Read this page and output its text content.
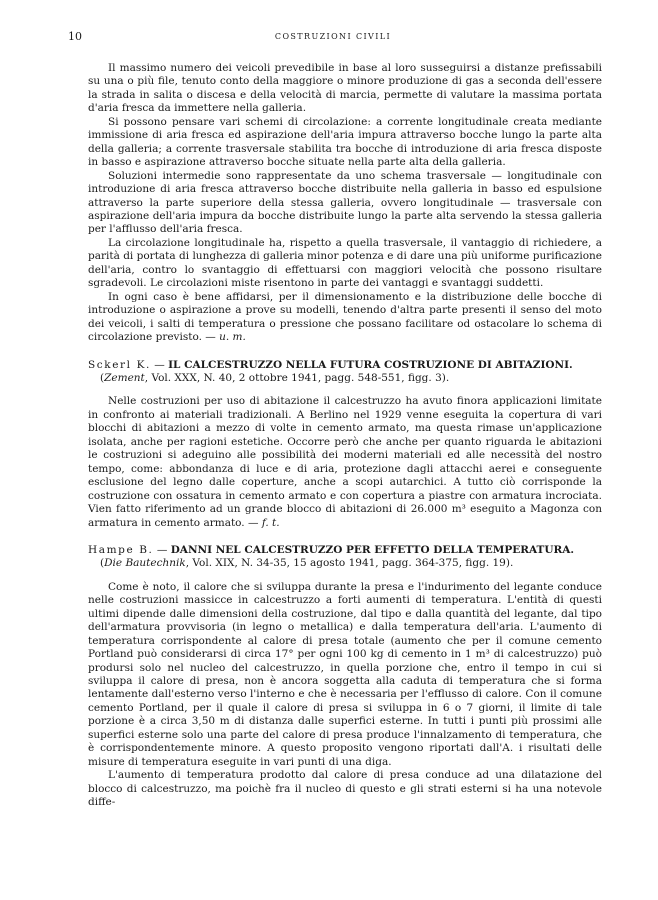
10	COSTRUZIONI CIVILI

Il massimo numero dei veicoli prevedibile in base al loro susseguirsi a distanze prefissabili su una o più file, tenuto conto della maggiore o minore produzione di gas a seconda dell'essere la strada in salita o discesa e della velocità di marcia, permette di valutare la massima portata d'aria fresca da immettere nella galleria.

Si possono pensare vari schemi di circolazione: a corrente longitudinale creata mediante immissione di aria fresca ed aspirazione dell'aria impura attraverso bocche lungo la parte alta della galleria; a corrente trasversale stabilita tra bocche di introduzione di aria fresca disposte in basso e aspirazione attraverso bocche situate nella parte alta della galleria.

Soluzioni intermedie sono rappresentate da uno schema trasversale — longitudinale con introduzione di aria fresca attraverso bocche distribuite nella galleria in basso ed espulsione attraverso la parte superiore della stessa galleria, ovvero longitudinale — trasversale con aspirazione dell'aria impura da bocche distribuite lungo la parte alta servendo la stessa galleria per l'afflusso dell'aria fresca.

La circolazione longitudinale ha, rispetto a quella trasversale, il vantaggio di richiedere, a parità di portata di lunghezza di galleria minor potenza e di dare una più uniforme purificazione dell'aria, contro lo svantaggio di effettuarsi con maggiori velocità che possono risultare sgradevoli. Le circolazioni miste risentono in parte dei vantaggi e svantaggi suddetti.

In ogni caso è bene affidarsi, per il dimensionamento e la distribuzione delle bocche di introduzione o aspirazione a prove su modelli, tenendo d'altra parte presenti il senso del moto dei veicoli, i salti di temperatura o pressione che possano facilitare od ostacolare lo schema di circolazione previsto. — u. m.

Sckerl K. — IL CALCESTRUZZO NELLA FUTURA COSTRUZIONE DI ABITAZIONI.

(Zement, Vol. XXX, N. 40, 2 ottobre 1941, pagg. 548-551, figg. 3).

Nelle costruzioni per uso di abitazione il calcestruzzo ha avuto finora applicazioni limitate in confronto ai materiali tradizionali. A Berlino nel 1929 venne eseguita la copertura di vari blocchi di abitazioni a mezzo di volte in cemento armato, ma questa rimase un'applicazione isolata, anche per ragioni estetiche. Occorre però che anche per quanto riguarda le abitazioni le costruzioni si adeguino alle possibilità dei moderni materiali ed alle necessità del nostro tempo, come: abbondanza di luce e di aria, protezione dagli attacchi aerei e conseguente esclusione del legno dalle coperture, anche a scopi autarchici. A tutto ciò corrisponde la costruzione con ossatura in cemento armato e con copertura a piastre con armatura incrociata. Vien fatto riferimento ad un grande blocco di abitazioni di 26.000 m³ eseguito a Magonza con armatura in cemento armato. — f. t.

Hampe B. — DANNI NEL CALCESTRUZZO PER EFFETTO DELLA TEMPERATURA.

(Die Bautechnik, Vol. XIX, N. 34-35, 15 agosto 1941, pagg. 364-375, figg. 19).

Come è noto, il calore che si sviluppa durante la presa e l'indurimento del legante conduce nelle costruzioni massicce in calcestruzzo a forti aumenti di temperatura. L'entità di questi ultimi dipende dalle dimensioni della costruzione, dal tipo e dalla quantità del legante, dal tipo dell'armatura provvisoria (in legno o metallica) e dalla temperatura dell'aria. L'aumento di temperatura corrispondente al calore di presa totale (aumento che per il comune cemento Portland può considerarsi di circa 17° per ogni 100 kg di cemento in 1 m³ di calcestruzzo) può prodursi solo nel nucleo del calcestruzzo, in quella porzione che, entro il tempo in cui si sviluppa il calore di presa, non è ancora soggetta alla caduta di temperatura che si forma lentamente dall'esterno verso l'interno e che è necessaria per l'efflusso di calore. Con il comune cemento Portland, per il quale il calore di presa si sviluppa in 6 o 7 giorni, il limite di tale porzione è a circa 3,50 m di distanza dalle superfici esterne. In tutti i punti più prossimi alle superfici esterne solo una parte del calore di presa produce l'innalzamento di temperatura, che è corrispondentemente minore. A questo proposito vengono riportati dall'A. i risultati delle misure di temperatura eseguite in vari punti di una diga.

L'aumento di temperatura prodotto dal calore di presa conduce ad una dilatazione del blocco di calcestruzzo, ma poichè fra il nucleo di questo e gli strati esterni si ha una notevole diffe-
